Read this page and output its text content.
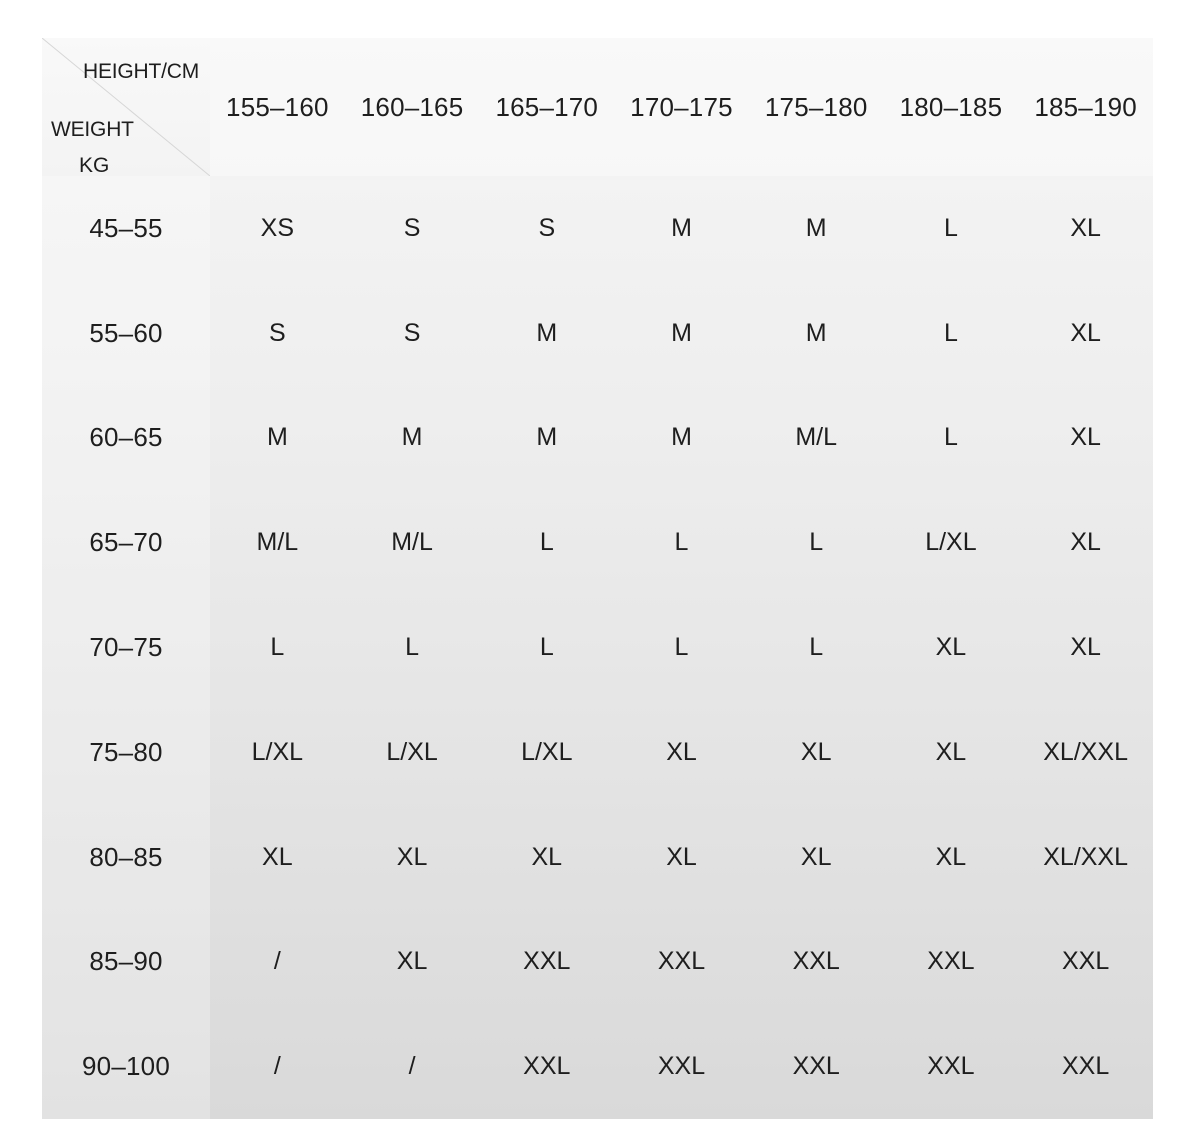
HEIGHT/CM
WEIGHT
KG
155–160	160–165	165–170	170–175	175–180	180–185	185–190
45–55	XS	S	S	M	M	L	XL
55–60	S	S	M	M	M	L	XL
60–65	M	M	M	M	M/L	L	XL
65–70	M/L	M/L	L	L	L	L/XL	XL
70–75	L	L	L	L	L	XL	XL
75–80	L/XL	L/XL	L/XL	XL	XL	XL	XL/XXL
80–85	XL	XL	XL	XL	XL	XL	XL/XXL
85–90	/	XL	XXL	XXL	XXL	XXL	XXL
90–100	/	/	XXL	XXL	XXL	XXL	XXL
